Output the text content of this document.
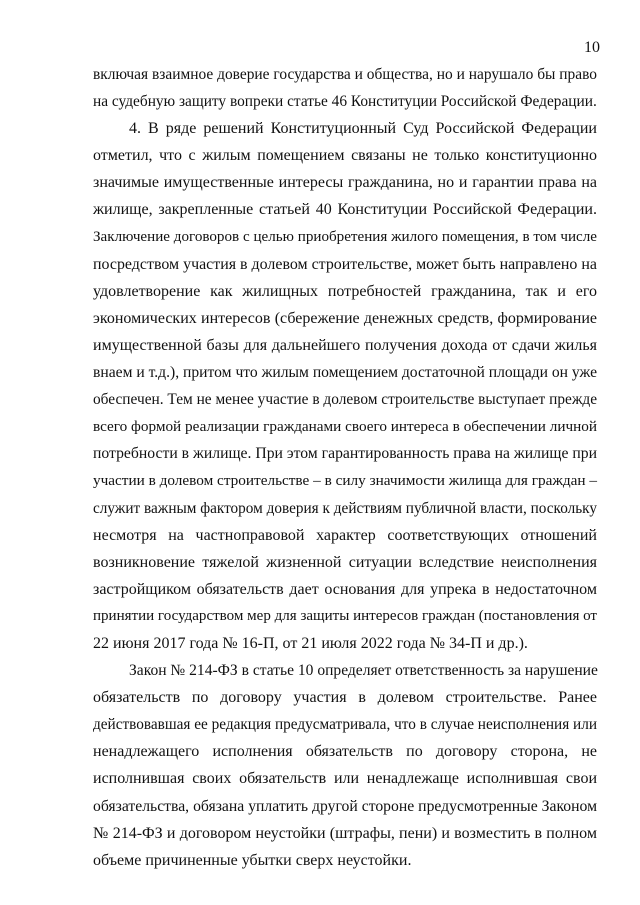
10
включая взаимное доверие государства и общества, но и нарушало бы право
на судебную защиту вопреки статье 46 Конституции Российской Федерации.
4. В ряде решений Конституционный Суд Российской Федерации
отметил, что с жилым помещением связаны не только конституционно
значимые имущественные интересы гражданина, но и гарантии права на
жилище, закрепленные статьей 40 Конституции Российской Федерации.
Заключение договоров с целью приобретения жилого помещения, в том числе
посредством участия в долевом строительстве, может быть направлено на
удовлетворение как жилищных потребностей гражданина, так и его
экономических интересов (сбережение денежных средств, формирование
имущественной базы для дальнейшего получения дохода от сдачи жилья
внаем и т.д.), притом что жилым помещением достаточной площади он уже
обеспечен. Тем не менее участие в долевом строительстве выступает прежде
всего формой реализации гражданами своего интереса в обеспечении личной
потребности в жилище. При этом гарантированность права на жилище при
участии в долевом строительстве – в силу значимости жилища для граждан –
служит важным фактором доверия к действиям публичной власти, поскольку
несмотря на частноправовой характер соответствующих отношений
возникновение тяжелой жизненной ситуации вследствие неисполнения
застройщиком обязательств дает основания для упрека в недостаточном
принятии государством мер для защиты интересов граждан (постановления от
22 июня 2017 года № 16-П, от 21 июля 2022 года № 34-П и др.).
Закон № 214-ФЗ в статье 10 определяет ответственность за нарушение
обязательств по договору участия в долевом строительстве. Ранее
действовавшая ее редакция предусматривала, что в случае неисполнения или
ненадлежащего исполнения обязательств по договору сторона, не
исполнившая своих обязательств или ненадлежаще исполнившая свои
обязательства, обязана уплатить другой стороне предусмотренные Законом
№ 214-ФЗ и договором неустойки (штрафы, пени) и возместить в полном
объеме причиненные убытки сверх неустойки.
